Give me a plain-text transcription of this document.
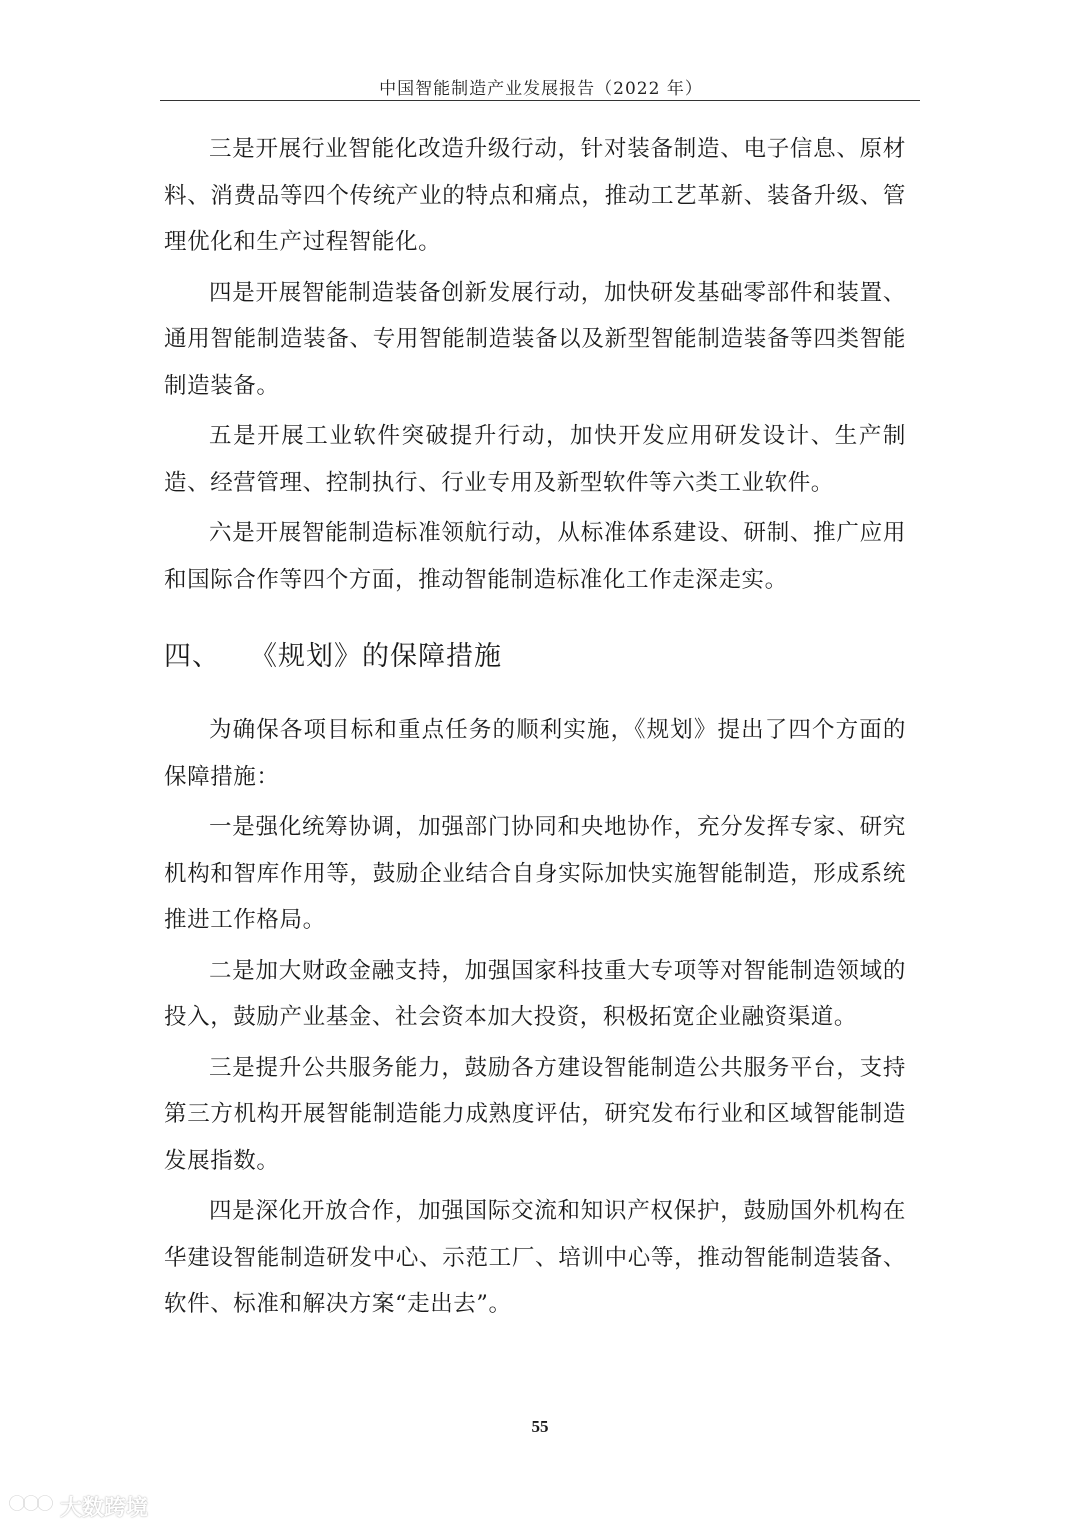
中国智能制造产业发展报告（2022 年）

三是开展行业智能化改造升级行动，针对装备制造、电子信息、原材料、消费品等四个传统产业的特点和痛点，推动工艺革新、装备升级、管理优化和生产过程智能化。

四是开展智能制造装备创新发展行动，加快研发基础零部件和装置、通用智能制造装备、专用智能制造装备以及新型智能制造装备等四类智能制造装备。

五是开展工业软件突破提升行动，加快开发应用研发设计、生产制造、经营管理、控制执行、行业专用及新型软件等六类工业软件。

六是开展智能制造标准领航行动，从标准体系建设、研制、推广应用和国际合作等四个方面，推动智能制造标准化工作走深走实。

四、 《规划》的保障措施

为确保各项目标和重点任务的顺利实施，《规划》提出了四个方面的保障措施：

一是强化统筹协调，加强部门协同和央地协作，充分发挥专家、研究机构和智库作用等，鼓励企业结合自身实际加快实施智能制造，形成系统推进工作格局。

二是加大财政金融支持，加强国家科技重大专项等对智能制造领域的投入，鼓励产业基金、社会资本加大投资，积极拓宽企业融资渠道。

三是提升公共服务能力，鼓励各方建设智能制造公共服务平台，支持第三方机构开展智能制造能力成熟度评估，研究发布行业和区域智能制造发展指数。

四是深化开放合作，加强国际交流和知识产权保护，鼓励国外机构在华建设智能制造研发中心、示范工厂、培训中心等，推动智能制造装备、软件、标准和解决方案“走出去”。

55
大数跨境
